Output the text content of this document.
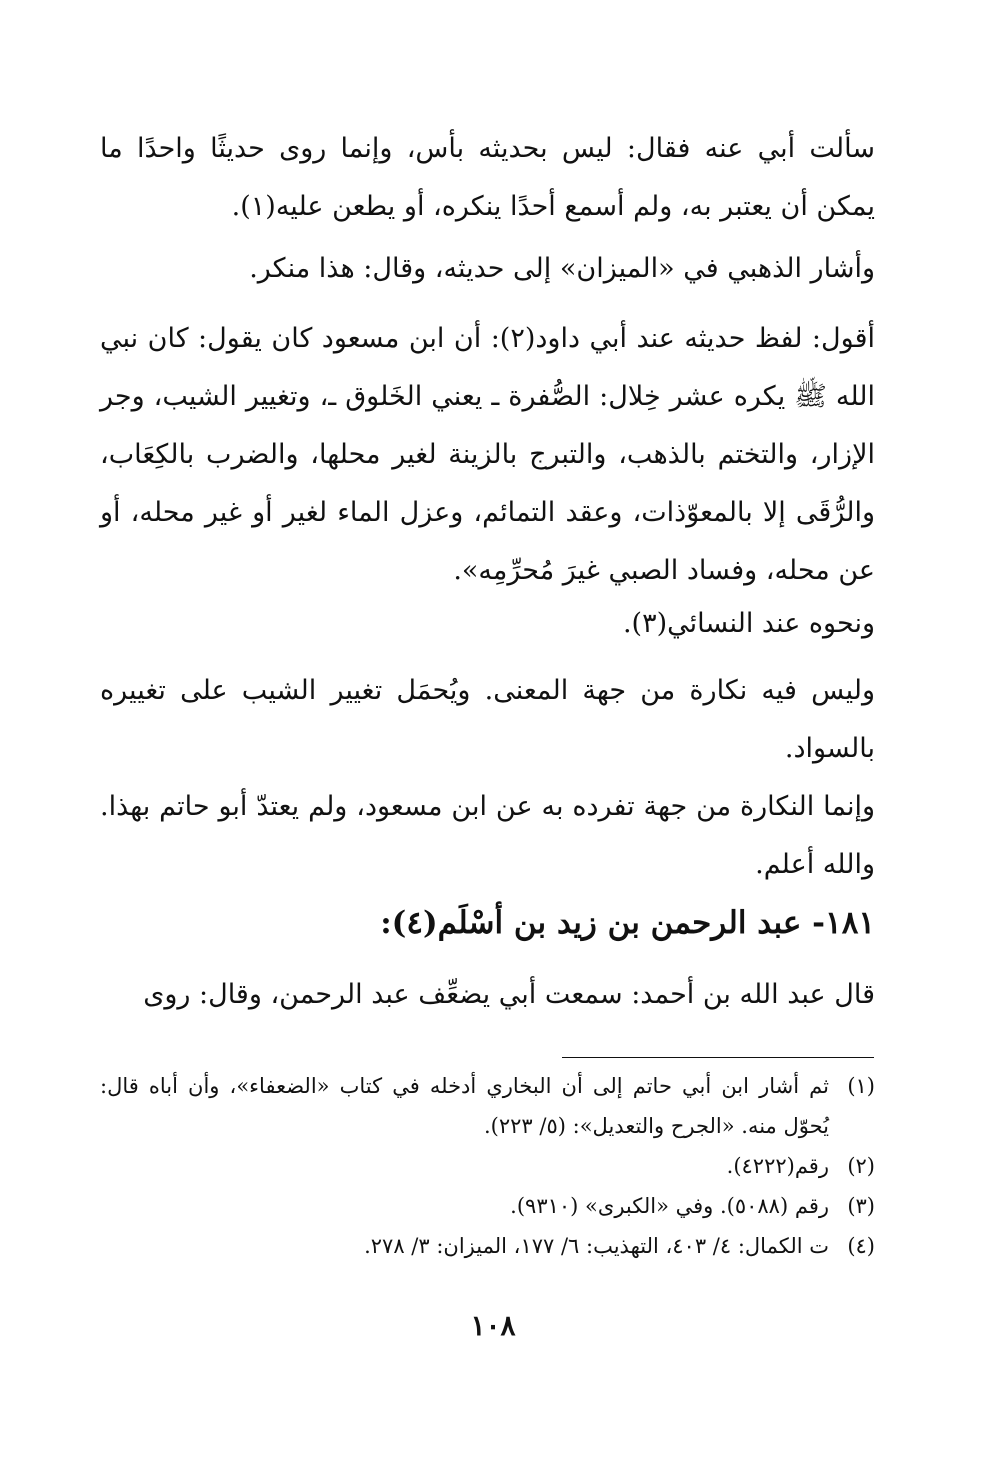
سألت أبي عنه فقال: ليس بحديثه بأس، وإنما روى حديثًا واحدًا ما يمكن أن يعتبر به، ولم أسمع أحدًا ينكره، أو يطعن عليه(١).

وأشار الذهبي في «الميزان» إلى حديثه، وقال: هذا منكر.

أقول: لفظ حديثه عند أبي داود(٢): أن ابن مسعود كان يقول: كان نبي الله ﷺ يكره عشر خِلال: الصُّفرة ـ يعني الخَلوق ـ، وتغيير الشيب، وجر الإزار، والتختم بالذهب، والتبرج بالزينة لغير محلها، والضرب بالكِعَاب، والرُّقَى إلا بالمعوّذات، وعقد التمائم، وعزل الماء لغير أو غير محله، أو عن محله، وفساد الصبي غيرَ مُحرِّمِه».

ونحوه عند النسائي(٣).

وليس فيه نكارة من جهة المعنى. ويُحمَل تغيير الشيب على تغييره بالسواد.

وإنما النكارة من جهة تفرده به عن ابن مسعود، ولم يعتدّ أبو حاتم بهذا. والله أعلم.

١٨١- عبد الرحمن بن زيد بن أسْلَم(٤):

قال عبد الله بن أحمد: سمعت أبي يضعِّف عبد الرحمن، وقال: روى

(١)
ثم أشار ابن أبي حاتم إلى أن البخاري أدخله في كتاب «الضعفاء»، وأن أباه قال: يُحوّل منه. «الجرح والتعديل»: (٥/ ٢٢٣).
(٢)
رقم(٤٢٢٢).
(٣)
رقم (٥٠٨٨). وفي «الكبرى» (٩٣١٠).
(٤)
ت الكمال: ٤/ ٤٠٣، التهذيب: ٦/ ١٧٧، الميزان: ٣/ ٢٧٨.
١٠٨
